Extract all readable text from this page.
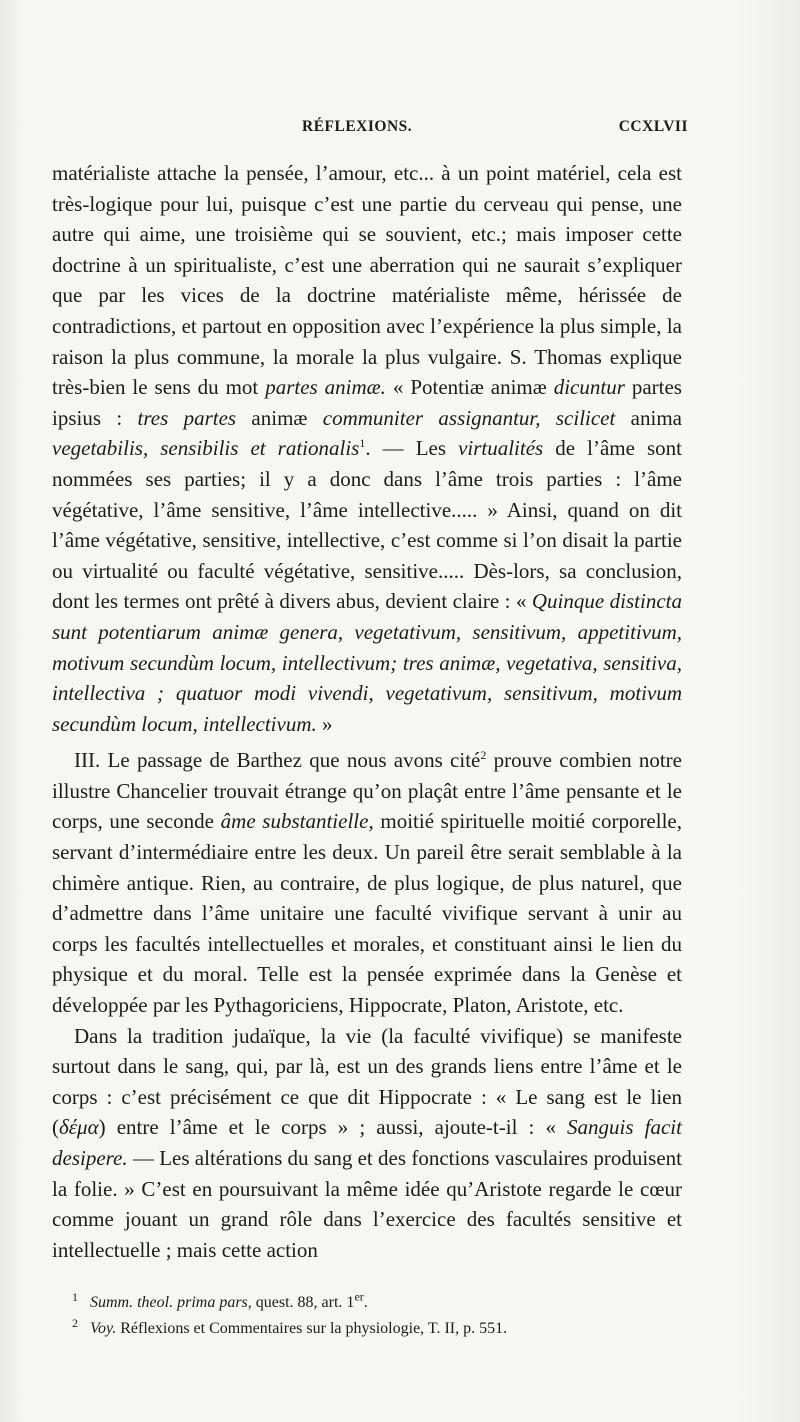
RÉFLEXIONS.	CCXLVII

matérialiste attache la pensée, l’amour, etc... à un point matériel, cela est très-logique pour lui, puisque c’est une partie du cerveau qui pense, une autre qui aime, une troisième qui se souvient, etc.; mais imposer cette doctrine à un spiritualiste, c’est une aberration qui ne saurait s’expliquer que par les vices de la doctrine matérialiste même, hérissée de contradictions, et partout en opposition avec l’expérience la plus simple, la raison la plus commune, la morale la plus vulgaire. S. Thomas explique très-bien le sens du mot partes animæ. « Potentiæ animæ dicuntur partes ipsius : tres partes animæ communiter assignantur, scilicet anima vegetabilis, sensibilis et rationalis$^1$. — Les virtualités de l’âme sont nommées ses parties; il y a donc dans l’âme trois parties : l’âme végétative, l’âme sensitive, l’âme intellective..... » Ainsi, quand on dit l’âme végétative, sensitive, intellective, c’est comme si l’on disait la partie ou virtualité ou faculté végétative, sensitive..... Dès-lors, sa conclusion, dont les termes ont prêté à divers abus, devient claire : « Quinque distincta sunt potentiarum animæ genera, vegetativum, sensitivum, appetitivum, motivum secundùm locum, intellectivum; tres animæ, vegetativa, sensitiva, intellectiva ; quatuor modi vivendi, vegetativum, sensitivum, motivum secundùm locum, intellectivum. »

III. Le passage de Barthez que nous avons cité$^2$ prouve combien notre illustre Chancelier trouvait étrange qu’on plaçât entre l’âme pensante et le corps, une seconde âme substantielle, moitié spirituelle moitié corporelle, servant d’intermédiaire entre les deux. Un pareil être serait semblable à la chimère antique. Rien, au contraire, de plus logique, de plus naturel, que d’admettre dans l’âme unitaire une faculté vivifique servant à unir au corps les facultés intellectuelles et morales, et constituant ainsi le lien du physique et du moral. Telle est la pensée exprimée dans la Genèse et développée par les Pythagoriciens, Hippocrate, Platon, Aristote, etc.

Dans la tradition judaïque, la vie (la faculté vivifique) se manifeste surtout dans le sang, qui, par là, est un des grands liens entre l’âme et le corps : c’est précisément ce que dit Hippocrate : « Le sang est le lien (δέμα) entre l’âme et le corps » ; aussi, ajoute-t-il : « Sanguis facit desipere. — Les altérations du sang et des fonctions vasculaires produisent la folie. » C’est en poursuivant la même idée qu’Aristote regarde le cœur comme jouant un grand rôle dans l’exercice des facultés sensitive et intellectuelle ; mais cette action

1 Summ. theol. prima pars, quest. 88, art. 1er.
2 Voy. Réflexions et Commentaires sur la physiologie, T. II, p. 551.
